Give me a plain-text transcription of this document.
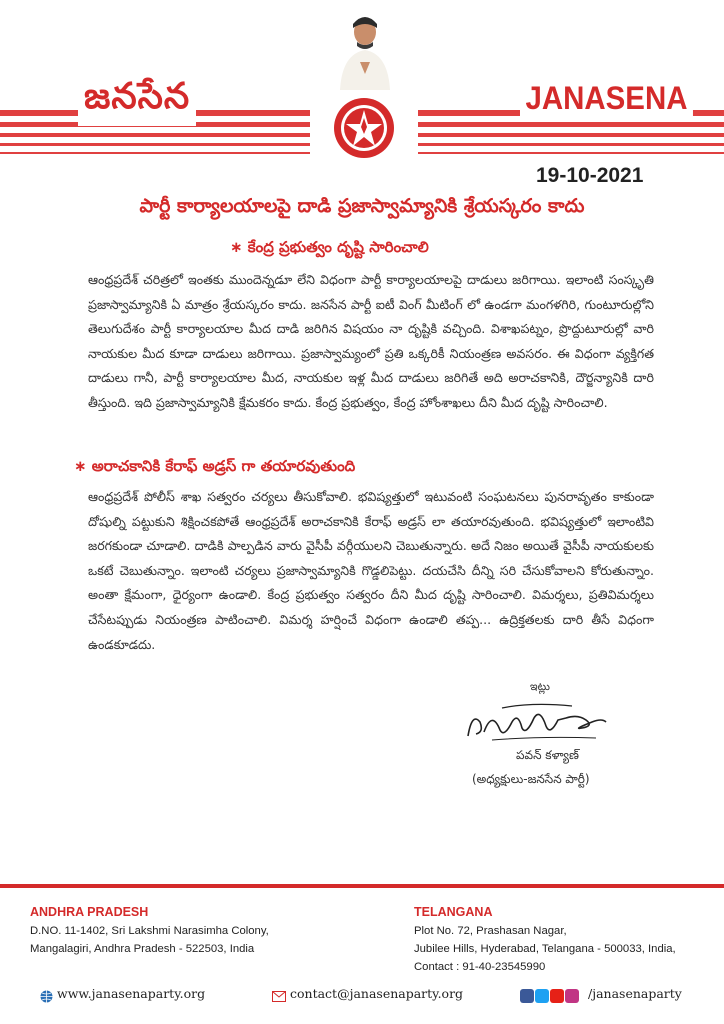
జనసేన	JANASENA
19-10-2021
పార్టీ కార్యాలయాలపై దాడి ప్రజాస్వామ్యానికి శ్రేయస్కరం కాదు
∗ కేంద్ర ప్రభుత్వం దృష్టి సారించాలి
ఆంధ్రప్రదేశ్ చరిత్రలో ఇంతకు ముందెన్నడూ లేని విధంగా పార్టీ కార్యాలయాలపై దాడులు జరిగాయి. ఇలాంటి సంస్కృతి ప్రజాస్వామ్యానికి ఏ మాత్రం శ్రేయస్కరం కాదు. జనసేన పార్టీ ఐటీ వింగ్ మీటింగ్ లో ఉండగా మంగళగిరి, గుంటూరుల్లోని తెలుగుదేశం పార్టీ కార్యాలయాల మీద దాడి జరిగిన విషయం నా దృష్టికి వచ్చింది. విశాఖపట్నం, ప్రొద్దుటూరుల్లో వారి నాయకుల మీద కూడా దాడులు జరిగాయి. ప్రజాస్వామ్యంలో ప్రతి ఒక్కరికీ నియంత్రణ అవసరం. ఈ విధంగా వ్యక్తిగత దాడులు గానీ, పార్టీ కార్యాలయాల మీద, నాయకుల ఇళ్ల మీద దాడులు జరిగితే అది అరాచకానికి, దౌర్జన్యానికి దారి తీస్తుంది. ఇది ప్రజాస్వామ్యానికి క్షేమకరం కాదు. కేంద్ర ప్రభుత్వం, కేంద్ర హోంశాఖలు దీని మీద దృష్టి సారించాలి.
∗ అరాచకానికి కేరాఫ్ అడ్రస్ గా తయారవుతుంది
ఆంధ్రప్రదేశ్ పోలీస్ శాఖ సత్వరం చర్యలు తీసుకోవాలి. భవిష్యత్తులో ఇటువంటి సంఘటనలు పునరావృతం కాకుండా దోషుల్ని పట్టుకుని శిక్షించకపోతే ఆంధ్రప్రదేశ్ అరాచకానికి కేరాఫ్ అడ్రస్ లా తయారవుతుంది. భవిష్యత్తులో ఇలాంటివి జరగకుండా చూడాలి. దాడికి పాల్పడిన వారు వైసీపీ వర్గీయులని చెబుతున్నారు. అదే నిజం అయితే వైసీపీ నాయకులకు ఒకటే చెబుతున్నాం. ఇలాంటి చర్యలు ప్రజాస్వామ్యానికి గొడ్డలిపెట్టు. దయచేసి దీన్ని సరి చేసుకోవాలని కోరుతున్నాం. అంతా క్షేమంగా, ధైర్యంగా ఉండాలి. కేంద్ర ప్రభుత్వం సత్వరం దీని మీద దృష్టి సారించాలి. విమర్శలు, ప్రతివిమర్శలు చేసేటప్పుడు నియంత్రణ పాటించాలి. విమర్శ హర్షించే విధంగా ఉండాలి తప్ప... ఉద్రిక్తతలకు దారి తీసే విధంగా ఉండకూడదు.
ఇట్లు
పవన్ కళ్యాణ్
(అధ్యక్షులు-జనసేన పార్టీ)
ANDHRA PRADESH
D.NO. 11-1402, Sri Lakshmi Narasimha Colony,
Mangalagiri, Andhra Pradesh - 522503, India
TELANGANA
Plot No. 72, Prashasan Nagar,
Jubilee Hills, Hyderabad, Telangana - 500033, India,
Contact : 91-40-23545990
www.janasenaparty.org	contact@janasenaparty.org	/janasenaparty
